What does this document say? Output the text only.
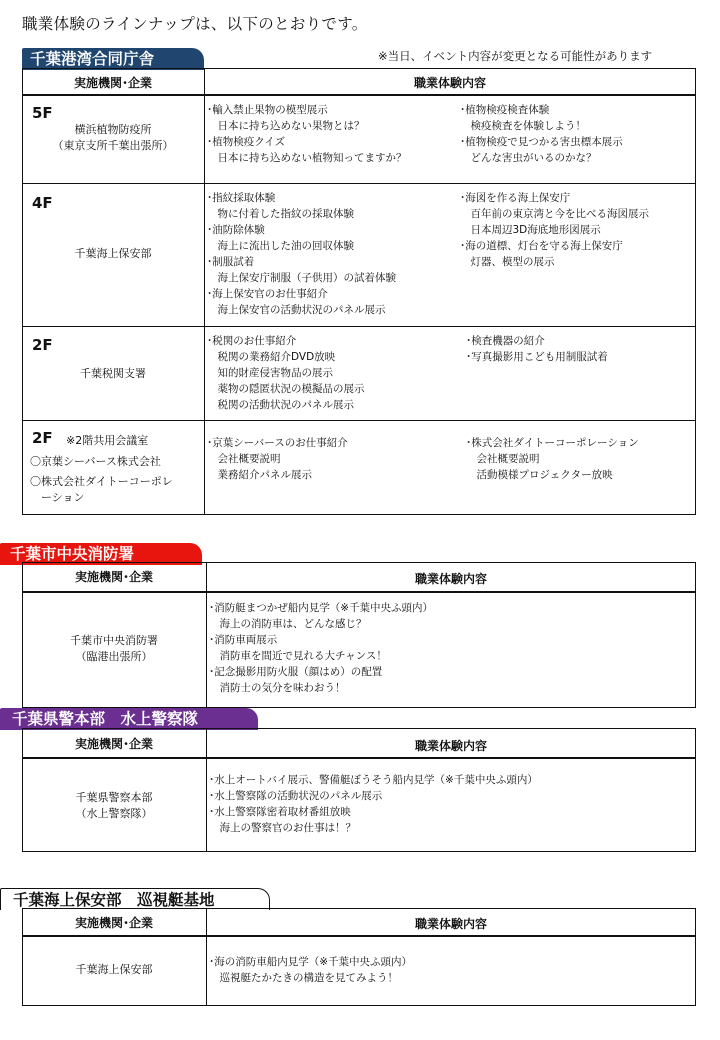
職業体験のラインナップは、以下のとおりです。
千葉港湾合同庁舎	※当日、イベント内容が変更となる可能性があります
実施機関･企業	職業体験内容
5F
横浜植物防疫所
（東京支所千葉出張所）
･輸入禁止果物の模型展示
　日本に持ち込めない果物とは？
･植物検疫クイズ
　日本に持ち込めない植物知ってますか？
･植物検疫検査体験
　検疫検査を体験しよう！
･植物検疫で見つかる害虫標本展示
　どんな害虫がいるのかな？
4F
千葉海上保安部
･指紋採取体験
　物に付着した指紋の採取体験
･油防除体験
　海上に流出した油の回収体験
･制服試着
　海上保安庁制服（子供用）の試着体験
･海上保安官のお仕事紹介
　海上保安官の活動状況のパネル展示
･海図を作る海上保安庁
　百年前の東京湾と今を比べる海図展示
　日本周辺3D海底地形図展示
･海の道標、灯台を守る海上保安庁
　灯器、模型の展示
2F
千葉税関支署
･税関のお仕事紹介
　税関の業務紹介DVD放映
　知的財産侵害物品の展示
　薬物の隠匿状況の模擬品の展示
　税関の活動状況のパネル展示
･検査機器の紹介
･写真撮影用こども用制服試着
2F ※2階共用会議室
〇京葉シーバース株式会社
〇株式会社ダイトーコーポレ
　ーション
･京葉シーバースのお仕事紹介
　会社概要説明
　業務紹介パネル展示
･株式会社ダイトーコーポレーション
　会社概要説明
　活動模様プロジェクター放映
千葉市中央消防署
実施機関･企業	職業体験内容
千葉市中央消防署
（臨港出張所）
･消防艇まつかぜ船内見学（※千葉中央ふ頭内）
　海上の消防車は、どんな感じ？
･消防車両展示
　消防車を間近で見れる大チャンス！
･記念撮影用防火服（顔はめ）の配置
　消防士の気分を味わおう！
千葉県警本部　水上警察隊
実施機関･企業	職業体験内容
千葉県警察本部
（水上警察隊）
･水上オートバイ展示、警備艇ぼうそう船内見学（※千葉中央ふ頭内）
･水上警察隊の活動状況のパネル展示
･水上警察隊密着取材番組放映
　海上の警察官のお仕事は！？
千葉海上保安部　巡視艇基地
実施機関･企業	職業体験内容
千葉海上保安部
･海の消防車船内見学（※千葉中央ふ頭内）
　巡視艇たかたきの構造を見てみよう！
